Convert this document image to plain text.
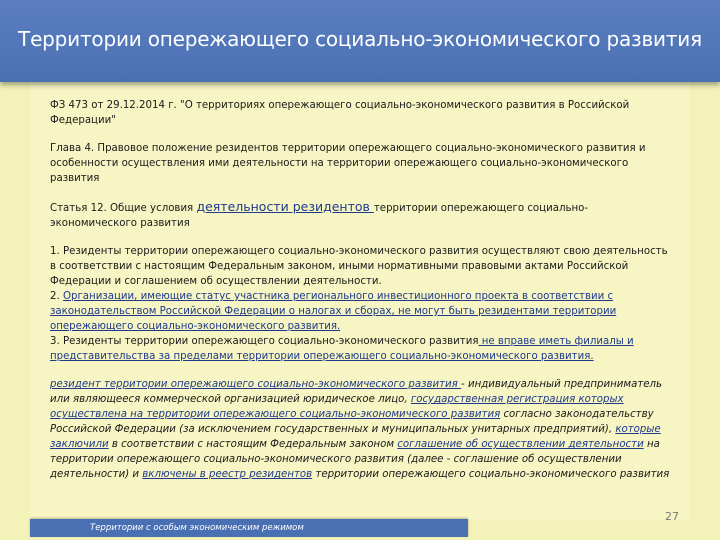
Территории опережающего социально-экономического развития

ФЗ 473 от 29.12.2014 г. "О территориях опережающего социально-экономического развития в Российской Федерации"

Глава 4. Правовое положение резидентов территории опережающего социально-экономического развития и особенности осуществления ими деятельности на территории опережающего социально-экономического развития

Статья 12. Общие условия деятельности резидентов территории опережающего социально-экономического развития

1. Резиденты территории опережающего социально-экономического развития осуществляют свою деятельность в соответствии с настоящим Федеральным законом, иными нормативными правовыми актами Российской Федерации и соглашением об осуществлении деятельности.

2. Организации, имеющие статус участника регионального инвестиционного проекта в соответствии с законодательством Российской Федерации о налогах и сборах, не могут быть резидентами территории опережающего социально-экономического развития.

3. Резиденты территории опережающего социально-экономического развития не вправе иметь филиалы и представительства за пределами территории опережающего социально-экономического развития.

резидент территории опережающего социально-экономического развития - индивидуальный предприниматель или являющееся коммерческой организацией юридическое лицо, государственная регистрация которых осуществлена на территории опережающего социально-экономического развития согласно законодательству Российской Федерации (за исключением государственных и муниципальных унитарных предприятий), которые заключили в соответствии с настоящим Федеральным законом соглашение об осуществлении деятельности на территории опережающего социально-экономического развития (далее - соглашение об осуществлении деятельности) и включены в реестр резидентов территории опережающего социально-экономического развития

Территории с особым экономическим режимом
27
